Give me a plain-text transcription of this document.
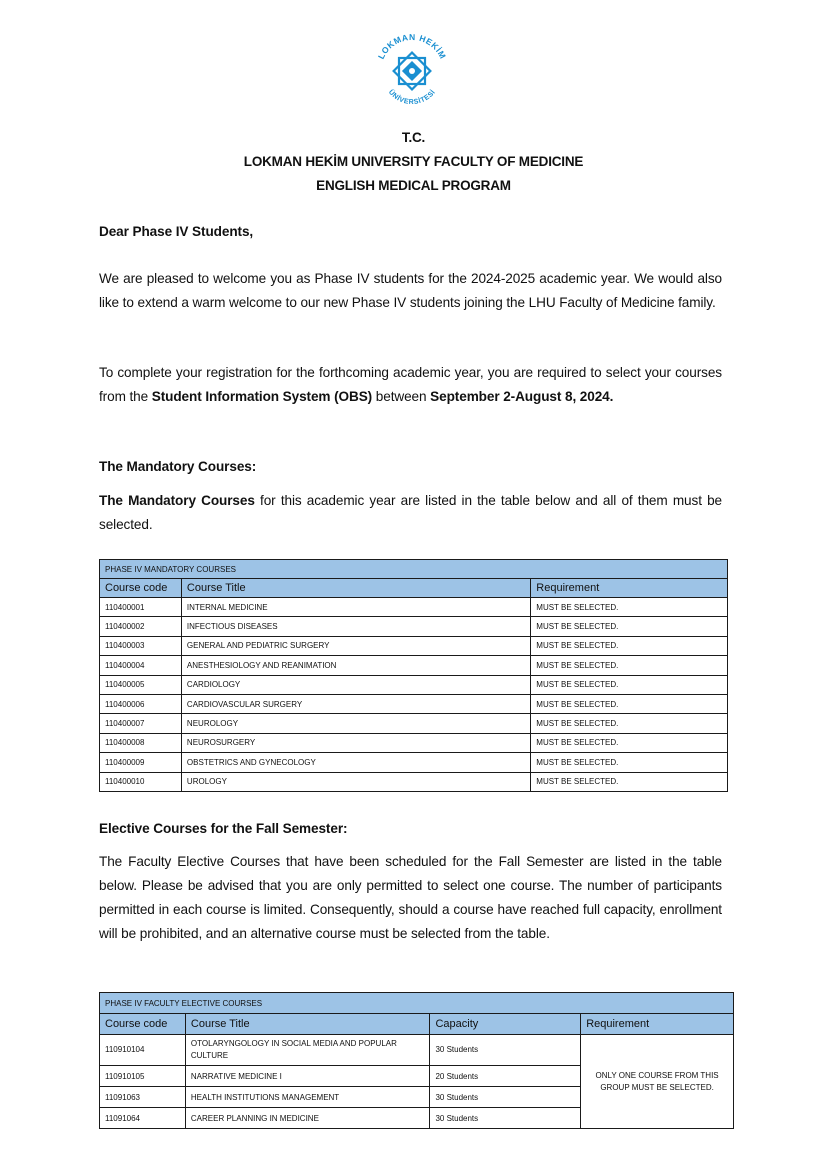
LOKMAN HEKİM
ÜNİVERSİTESİ
T.C.
LOKMAN HEKİM UNIVERSITY FACULTY OF MEDICINE
ENGLISH MEDICAL PROGRAM
Dear Phase IV Students,
We are pleased to welcome you as Phase IV students for the 2024-2025 academic year. We would also like to extend a warm welcome to our new Phase IV students joining the LHU Faculty of Medicine family.
To complete your registration for the forthcoming academic year, you are required to select your courses from the Student Information System (OBS) between September 2-August 8, 2024.
The Mandatory Courses:
The Mandatory Courses for this academic year are listed in the table below and all of them must be selected.
PHASE IV MANDATORY COURSES		
Course code	Course Title	Requirement
110400001	INTERNAL MEDICINE	MUST BE SELECTED.
110400002	INFECTIOUS DISEASES	MUST BE SELECTED.
110400003	GENERAL AND PEDIATRIC SURGERY	MUST BE SELECTED.
110400004	ANESTHESIOLOGY AND REANIMATION	MUST BE SELECTED.
110400005	CARDIOLOGY	MUST BE SELECTED.
110400006	CARDIOVASCULAR SURGERY	MUST BE SELECTED.
110400007	NEUROLOGY	MUST BE SELECTED.
110400008	NEUROSURGERY	MUST BE SELECTED.
110400009	OBSTETRICS AND GYNECOLOGY	MUST BE SELECTED.
110400010	UROLOGY	MUST BE SELECTED.
Elective Courses for the Fall Semester:
The Faculty Elective Courses that have been scheduled for the Fall Semester are listed in the table below. Please be advised that you are only permitted to select one course. The number of participants permitted in each course is limited. Consequently, should a course have reached full capacity, enrollment will be prohibited, and an alternative course must be selected from the table.
PHASE IV FACULTY ELECTIVE COURSES			
Course code	Course Title	Capacity	Requirement
110910104	OTOLARYNGOLOGY IN SOCIAL MEDIA AND POPULAR CULTURE	30 Students	ONLY ONE COURSE FROM THIS GROUP MUST BE SELECTED.
110910105	NARRATIVE MEDICINE I	20 Students	
11091063	HEALTH INSTITUTIONS MANAGEMENT	30 Students	
11091064	CAREER PLANNING IN MEDICINE	30 Students	
